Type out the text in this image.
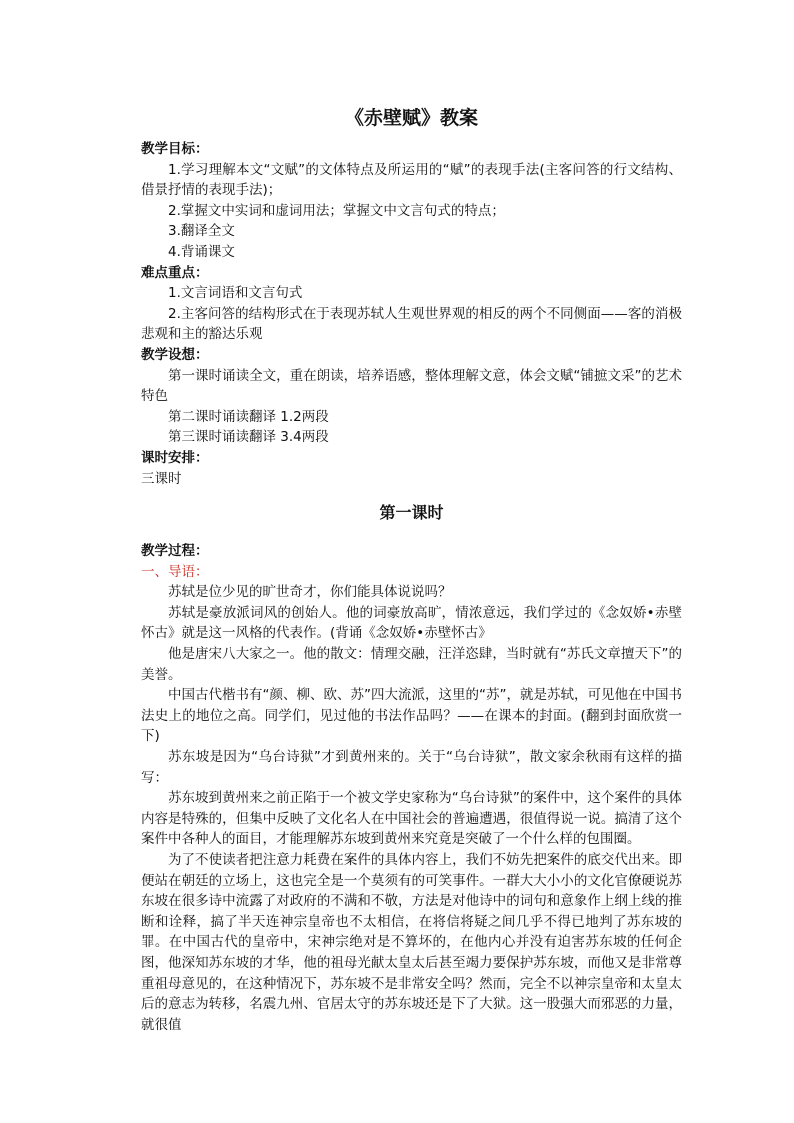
《赤壁赋》教案

教学目标：

1.学习理解本文“文赋”的文体特点及所运用的“赋”的表现手法(主客问答的行文结构、借景抒情的表现手法)；

2.掌握文中实词和虚词用法；掌握文中文言句式的特点；

3.翻译全文

4.背诵课文

难点重点：

1.文言词语和文言句式

2.主客问答的结构形式在于表现苏轼人生观世界观的相反的两个不同侧面——客的消极悲观和主的豁达乐观

教学设想：

第一课时诵读全文，重在朗读，培养语感，整体理解文意，体会文赋“铺摭文采”的艺术特色

第二课时诵读翻译 1.2两段

第三课时诵读翻译 3.4两段

课时安排：

三课时

第一课时

教学过程：

一、导语：

苏轼是位少见的旷世奇才，你们能具体说说吗？

苏轼是豪放派词风的创始人。他的词豪放高旷，情浓意远，我们学过的《念奴娇•赤壁怀古》就是这一风格的代表作。(背诵《念奴娇•赤壁怀古》

他是唐宋八大家之一。他的散文：情理交融，汪洋恣肆，当时就有“苏氏文章擅天下”的美誉。

中国古代楷书有“颜、柳、欧、苏”四大流派，这里的“苏”，就是苏轼，可见他在中国书法史上的地位之高。同学们，见过他的书法作品吗？——在课本的封面。(翻到封面欣赏一下)

苏东坡是因为“乌台诗狱”才到黄州来的。关于“乌台诗狱”，散文家余秋雨有这样的描写：

苏东坡到黄州来之前正陷于一个被文学史家称为“乌台诗狱”的案件中，这个案件的具体内容是特殊的，但集中反映了文化名人在中国社会的普遍遭遇，很值得说一说。搞清了这个案件中各种人的面目，才能理解苏东坡到黄州来究竟是突破了一个什么样的包围圈。

为了不使读者把注意力耗费在案件的具体内容上，我们不妨先把案件的底交代出来。即便站在朝廷的立场上，这也完全是一个莫须有的可笑事件。一群大大小小的文化官僚硬说苏东坡在很多诗中流露了对政府的不满和不敬，方法是对他诗中的词句和意象作上纲上线的推断和诠释，搞了半天连神宗皇帝也不太相信，在将信将疑之间几乎不得已地判了苏东坡的罪。在中国古代的皇帝中，宋神宗绝对是不算坏的，在他内心并没有迫害苏东坡的任何企图，他深知苏东坡的才华，他的祖母光献太皇太后甚至竭力要保护苏东坡，而他又是非常尊重祖母意见的，在这种情况下，苏东坡不是非常安全吗？然而，完全不以神宗皇帝和太皇太后的意志为转移，名震九州、官居太守的苏东坡还是下了大狱。这一股强大而邪恶的力量，就很值
